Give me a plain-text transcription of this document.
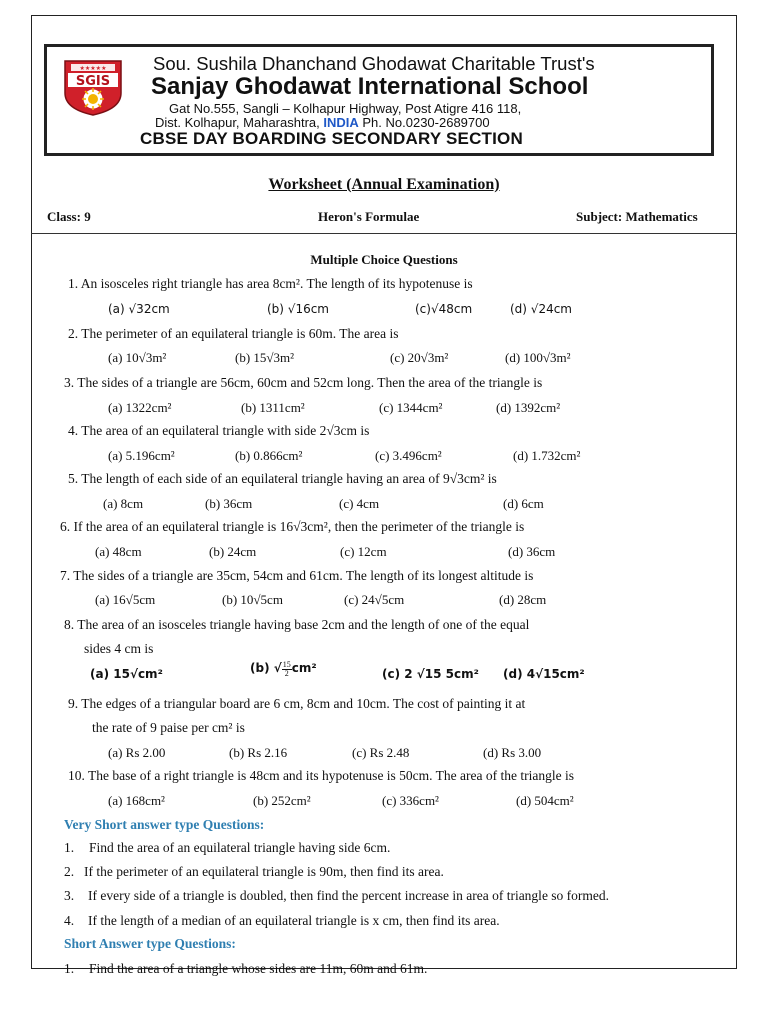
★★★★★
SGIS
Sou. Sushila Dhanchand Ghodawat Charitable Trust's
Sanjay Ghodawat International School
Gat No.555, Sangli – Kolhapur Highway, Post Atigre 416 118,
Dist. Kolhapur, Maharashtra, INDIA Ph. No.0230-2689700
CBSE DAY BOARDING SECONDARY SECTION
Worksheet (Annual Examination)
Class: 9	Heron's Formulae	Subject: Mathematics
Multiple Choice Questions
1. An isosceles right triangle has area 8cm². The length of its hypotenuse is
(a) √32cm	(b) √16cm	(c)√48cm	(d) √24cm
2. The perimeter of an equilateral triangle is 60m. The area is
(a) 10√3m²	(b) 15√3m²	(c) 20√3m²	(d) 100√3m²
3. The sides of a triangle are 56cm, 60cm and 52cm long. Then the area of the triangle is
(a) 1322cm²	(b) 1311cm²	(c) 1344cm²	(d) 1392cm²
4. The area of an equilateral triangle with side 2√3cm is
(a) 5.196cm²	(b) 0.866cm²	(c) 3.496cm²	(d) 1.732cm²
5. The length of each side of an equilateral triangle having an area of 9√3cm² is
(a) 8cm	(b) 36cm	(c) 4cm	(d) 6cm
6. If the area of an equilateral triangle is 16√3cm², then the perimeter of the triangle is
(a) 48cm	(b) 24cm	(c) 12cm	(d) 36cm
7. The sides of a triangle are 35cm, 54cm and 61cm. The length of its longest altitude is
(a) 16√5cm	(b) 10√5cm	(c) 24√5cm	(d) 28cm
8. The area of an isosceles triangle having base 2cm and the length of one of the equal
sides 4 cm is
(a) 15√cm²	(b) √ $\frac{15}{2} cm^2$	(c) 2 √15 5cm² (d) 4√15cm²
9. The edges of a triangular board are 6 cm, 8cm and 10cm. The cost of painting it at
the rate of 9 paise per cm² is
(a) Rs 2.00	(b) Rs 2.16	(c) Rs 2.48	(d) Rs 3.00
10. The base of a right triangle is 48cm and its hypotenuse is 50cm. The area of the triangle is
(a) 168cm²	(b) 252cm²	(c) 336cm²	(d) 504cm²
Very Short answer type Questions:
1. Find the area of an equilateral triangle having side 6cm.
2. If the perimeter of an equilateral triangle is 90m, then find its area.
3. If every side of a triangle is doubled, then find the percent increase in area of triangle so formed.
4. If the length of a median of an equilateral triangle is x cm, then find its area.
Short Answer type Questions:
1. Find the area of a triangle whose sides are 11m, 60m and 61m.
